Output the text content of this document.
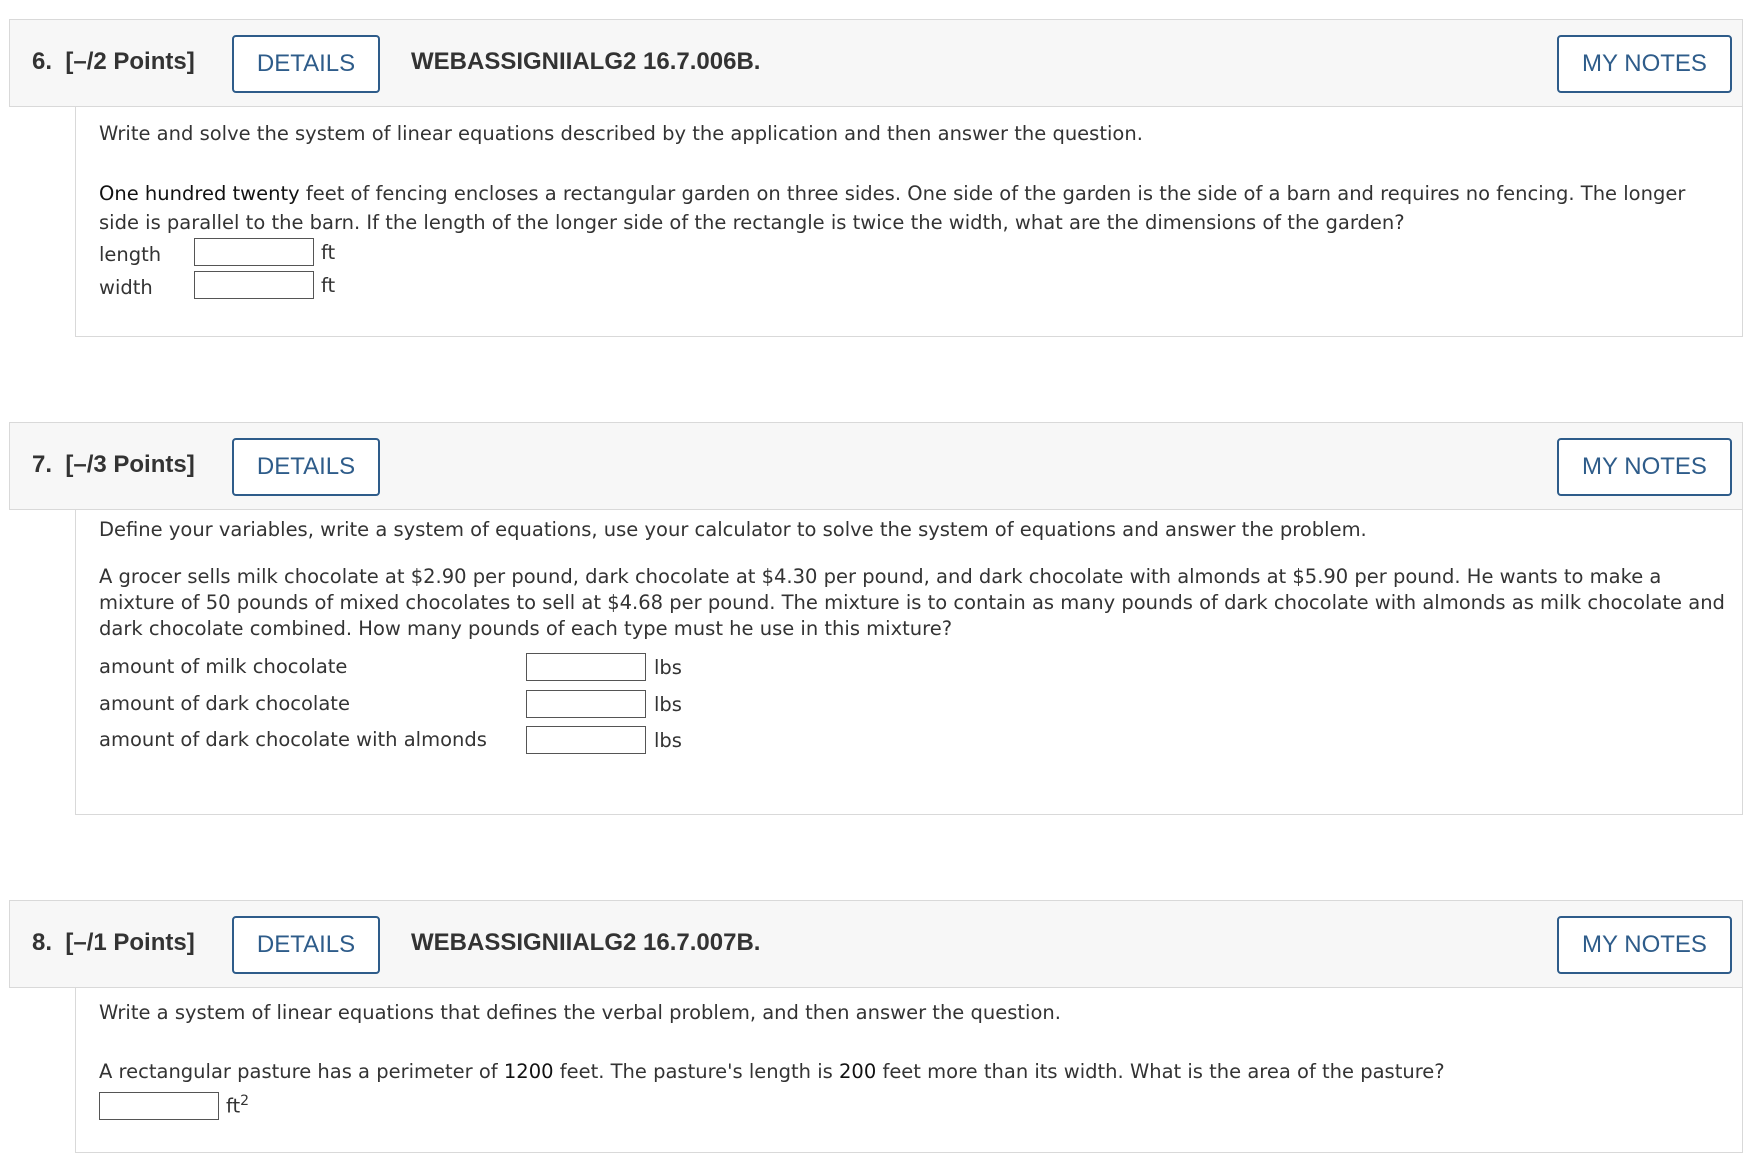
6. [–/2 Points]	DETAILS	WEBASSIGNIIALG2 16.7.006B.	MY NOTES
Write and solve the system of linear equations described by the application and then answer the question.
One hundred twenty feet of fencing encloses a rectangular garden on three sides. One side of the garden is the side of a barn and requires no fencing. The longer side is parallel to the barn. If the length of the longer side of the rectangle is twice the width, what are the dimensions of the garden?
length	ft
width	ft
7. [–/3 Points]	DETAILS	MY NOTES
Define your variables, write a system of equations, use your calculator to solve the system of equations and answer the problem.
A grocer sells milk chocolate at $2.90 per pound, dark chocolate at $4.30 per pound, and dark chocolate with almonds at $5.90 per pound. He wants to make a mixture of 50 pounds of mixed chocolates to sell at $4.68 per pound. The mixture is to contain as many pounds of dark chocolate with almonds as milk chocolate and dark chocolate combined. How many pounds of each type must he use in this mixture?
amount of milk chocolate	lbs
amount of dark chocolate	lbs
amount of dark chocolate with almonds	lbs
8. [–/1 Points]	DETAILS	WEBASSIGNIIALG2 16.7.007B.	MY NOTES
Write a system of linear equations that defines the verbal problem, and then answer the question.
A rectangular pasture has a perimeter of 1200 feet. The pasture's length is 200 feet more than its width. What is the area of the pasture?
$ft^2$
